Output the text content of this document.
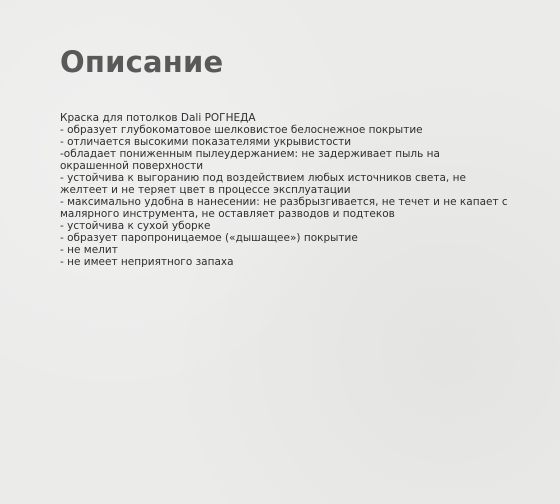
Описание
Краска для потолков Dali РОГНЕДА
- образует глубокоматовое шелковистое белоснежное покрытие
- отличается высокими показателями укрывистости
-обладает пониженным пылеудержанием: не задерживает пыль на окрашенной поверхности
- устойчива к выгоранию под воздействием любых источников света, не желтеет и не теряет цвет в процессе эксплуатации
- максимально удобна в нанесении: не разбрызгивается, не течет и не капает с малярного инструмента, не оставляет разводов и подтеков
- устойчива к сухой уборке
- образует паропроницаемое («дышащее») покрытие
- не мелит
- не имеет неприятного запаха
